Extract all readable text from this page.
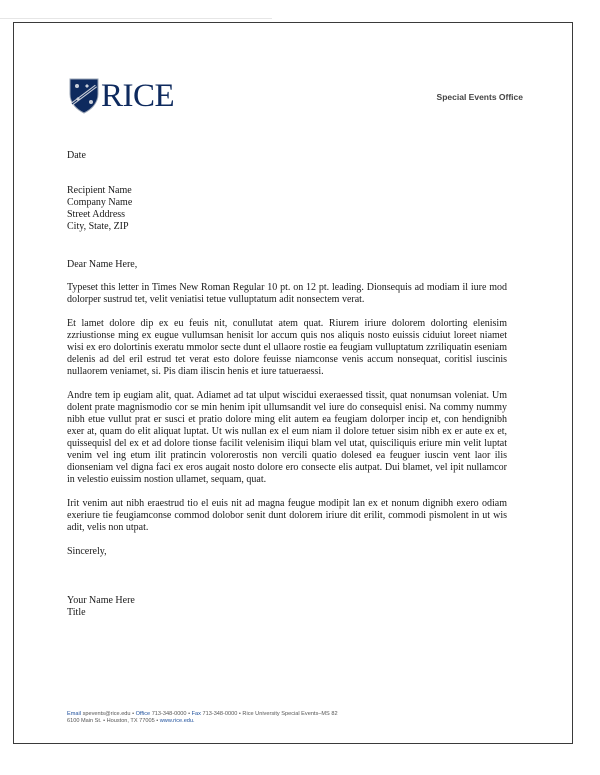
RICE	Special Events Office
Date
Recipient Name
Company Name
Street Address
City, State, ZIP
Dear Name Here,

Typeset this letter in Times New Roman Regular 10 pt. on 12 pt. leading. Dionsequis ad modiam il iure mod dolorper sustrud tet, velit veniatisi tetue vulluptatum adit nonsectem verat.

Et lamet dolore dip ex eu feuis nit, conullutat atem quat. Riurem iriure dolorem dolorting elenisim zzriustionse ming ex eugue vullumsan henisit lor accum quis nos aliquis nosto euissis ciduiut loreet niamet wisi ex ero dolortinis exeratu mmolor secte dunt el ullaore rostie ea feugiam vulluptatum zzriliquatin eseniam delenis ad del eril estrud tet verat esto dolore feuisse niamconse venis accum nonsequat, coritisl iuscinis nullaorem veniamet, si. Pis diam iliscin henis et iure tatueraessi.

Andre tem ip eugiam alit, quat. Adiamet ad tat ulput wiscidui exeraessed tissit, quat nonumsan voleniat. Um dolent prate magnismodio cor se min henim ipit ullumsandit vel iure do consequisl enisi. Na commy nummy nibh etue vullut prat er susci et pratio dolore ming elit autem ea feugiam dolorper incip et, con hendignibh exer at, quam do elit aliquat luptat. Ut wis nullan ex el eum niam il dolore tetuer sisim nibh ex er aute ex et, quissequisl del ex et ad dolore tionse facilit velenisim iliqui blam vel utat, quisciliquis eriure min velit luptat venim vel ing etum ilit pratincin volorerostis non vercili quatio dolesed ea feuguer iuscin vent laor ilis dionseniam vel digna faci ex eros augait nosto dolore ero consecte elis autpat. Dui blamet, vel ipit nullamcor in velestio euissim nostion ullamet, sequam, quat.

Irit venim aut nibh eraestrud tio el euis nit ad magna feugue modipit lan ex et nonum dignibh exero odiam exeriure tie feugiamconse commod dolobor senit dunt dolorem iriure dit erilit, commodi pismolent in ut wis adit, velis non utpat.

Sincerely,
Your Name Here
Title
Email spevents@rice.edu • Office 713-348-0000 • Fax 713-348-0000 • Rice University Special Events–MS 82
6100 Main St. • Houston, TX 77005 • www.rice.edu.
